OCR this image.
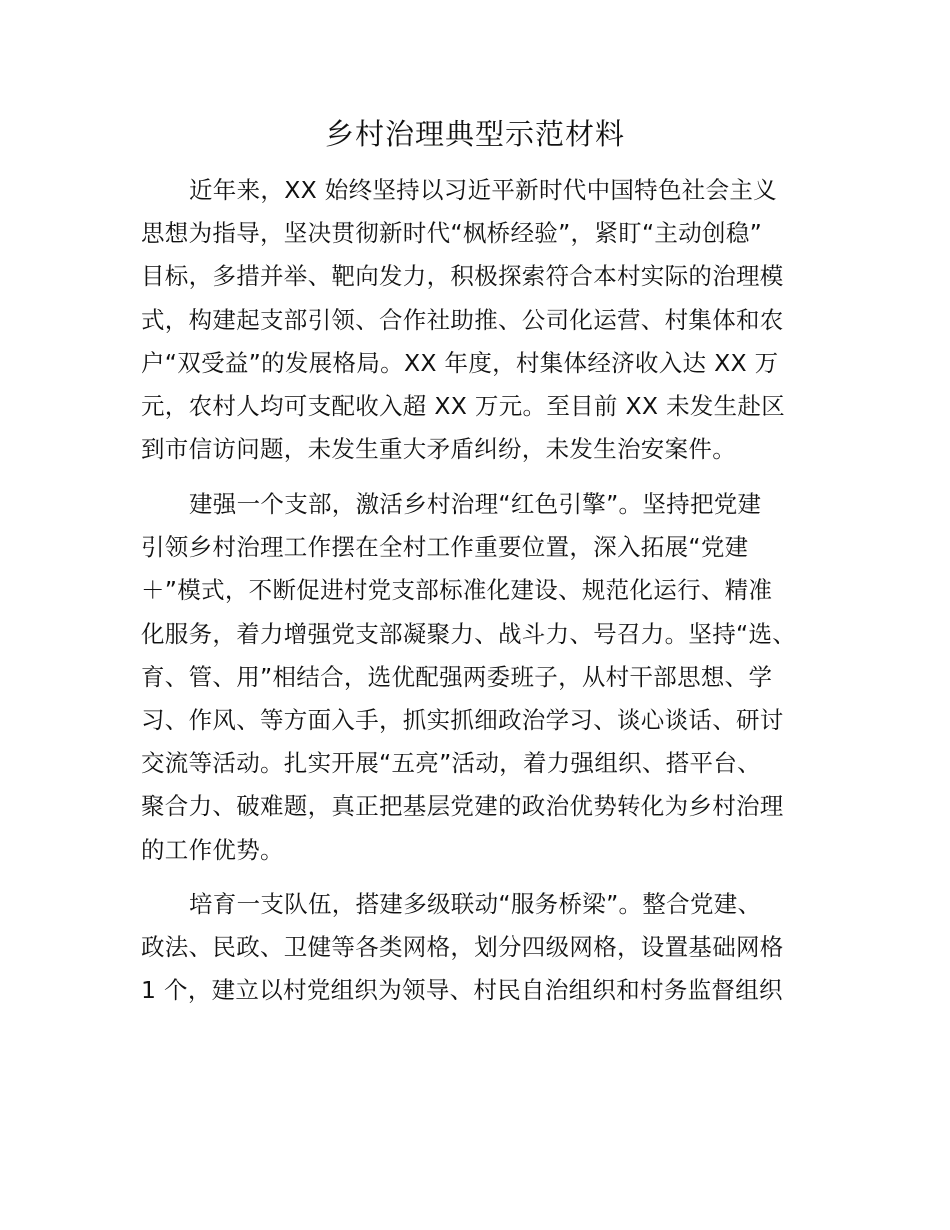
乡村治理典型示范材料
近年来，XX 始终坚持以习近平新时代中国特色社会主义
思想为指导，坚决贯彻新时代“枫桥经验”，紧盯“主动创稳”
目标，多措并举、靶向发力，积极探索符合本村实际的治理模
式，构建起支部引领、合作社助推、公司化运营、村集体和农
户“双受益”的发展格局。XX 年度，村集体经济收入达 XX 万
元，农村人均可支配收入超 XX 万元。至目前 XX 未发生赴区
到市信访问题，未发生重大矛盾纠纷，未发生治安案件。
建强一个支部，激活乡村治理“红色引擎”。坚持把党建
引领乡村治理工作摆在全村工作重要位置，深入拓展“党建
＋”模式，不断促进村党支部标准化建设、规范化运行、精准
化服务，着力增强党支部凝聚力、战斗力、号召力。坚持“选、
育、管、用”相结合，选优配强两委班子，从村干部思想、学
习、作风、等方面入手，抓实抓细政治学习、谈心谈话、研讨
交流等活动。扎实开展“五亮”活动，着力强组织、搭平台、
聚合力、破难题，真正把基层党建的政治优势转化为乡村治理
的工作优势。
培育一支队伍，搭建多级联动“服务桥梁”。整合党建、
政法、民政、卫健等各类网格，划分四级网格，设置基础网格
1 个，建立以村党组织为领导、村民自治组织和村务监督组织
